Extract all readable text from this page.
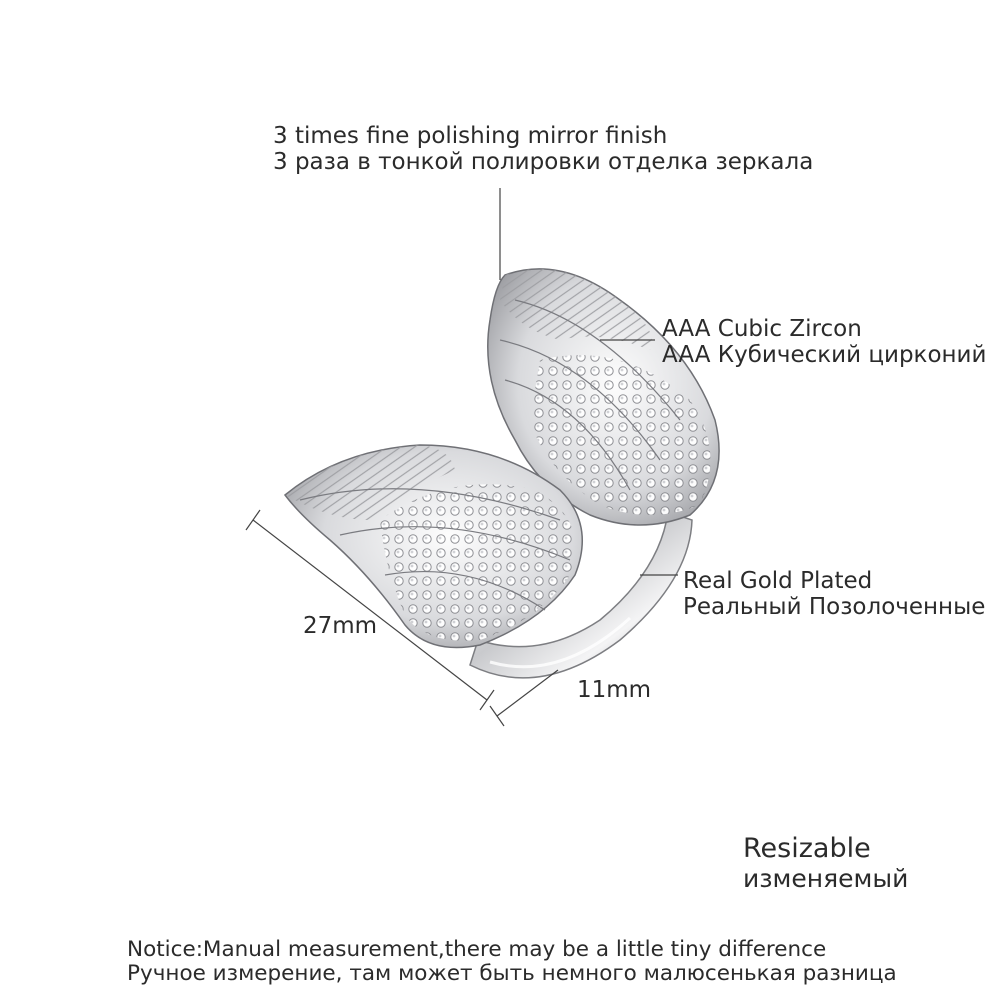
3 times fine polishing mirror finish
3 раза в тонкой полировки отделка зеркала
AAA Cubic Zircon
AAA Кубический цирконий
Real Gold Plated
Реальный Позолоченные
27mm
11mm
Resizable
изменяемый
Notice:Manual measurement,there may be a little tiny difference
Ручное измерение, там может быть немного малюсенькая разница
